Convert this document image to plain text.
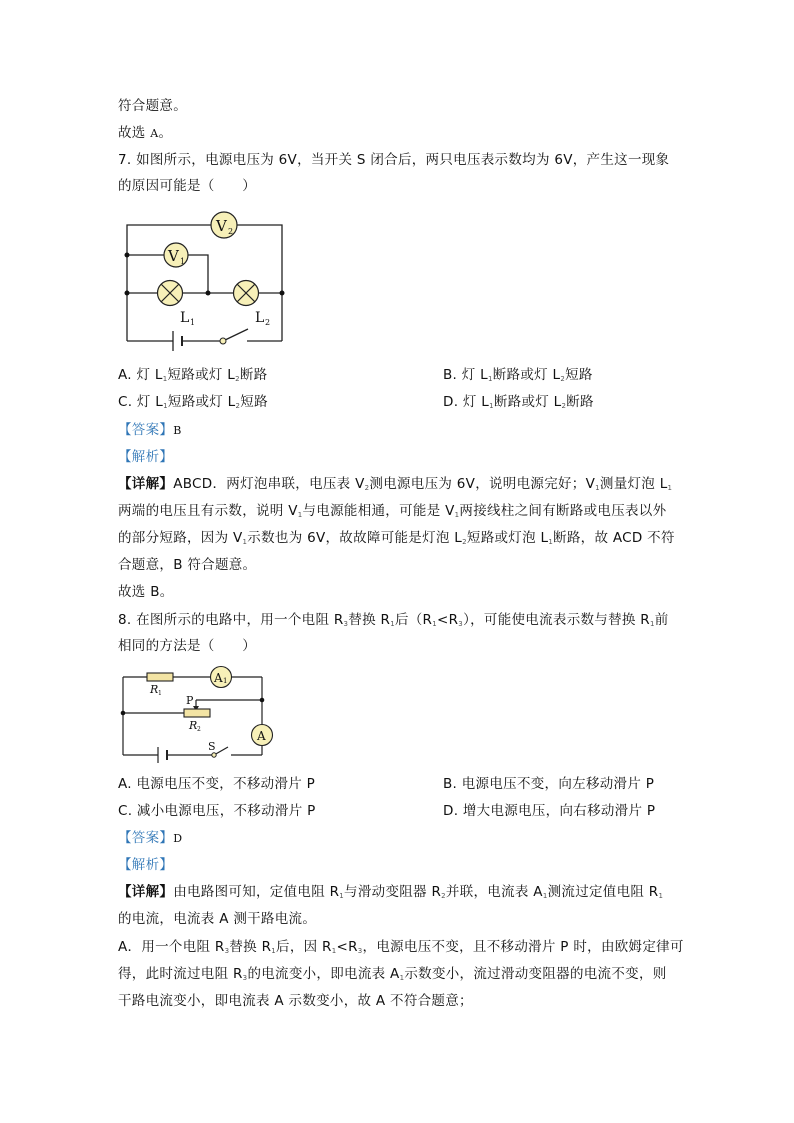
符合题意。
故选 A。
7. 如图所示，电源电压为 6V，当开关 S 闭合后，两只电压表示数均为 6V，产生这一现象
的原因可能是（　　）
V 2
V 1
L 1	L 2
A. 灯 $L_1$短路或灯 $L_2$断路	B. 灯 $L_1$断路或灯 $L_2$短路
C. 灯 $L_1$短路或灯 $L_2$短路	D. 灯 $L_1$断路或灯 $L_2$断路
【答案】B
【解析】
【详解】ABCD．两灯泡串联，电压表 $V_2$测电源电压为 6V，说明电源完好；$V_1$测量灯泡 $L_1$
两端的电压且有示数，说明 $V_1$与电源能相通，可能是 $V_1$两接线柱之间有断路或电压表以外
的部分短路，因为 $V_1$示数也为 6V，故故障可能是灯泡 $L_2$短路或灯泡 $L_1$断路，故 ACD 不符
合题意，B 符合题意。
故选 B。
8. 在图所示的电路中，用一个电阻 $R_3$替换 $R_1$后$(R_1<R_3)$，可能使电流表示数与替换 $R_1$前
相同的方法是（　　）
R 1
R 2
P
A 1
A
S
A. 电源电压不变，不移动滑片 P	B. 电源电压不变，向左移动滑片 P
C. 减小电源电压，不移动滑片 P	D. 增大电源电压，向右移动滑片 P
【答案】D
【解析】
【详解】由电路图可知，定值电阻 $R_1$与滑动变阻器 $R_2$并联，电流表 $A_1$测流过定值电阻 $R_1$
的电流，电流表 A 测干路电流。
A．用一个电阻 $R_3$替换 $R_1$后，因 $R_1<R_3$，电源电压不变，且不移动滑片 P 时，由欧姆定律可
得，此时流过电阻 $R_3$的电流变小，即电流表 $A_1$示数变小，流过滑动变阻器的电流不变，则
干路电流变小，即电流表 A 示数变小，故 A 不符合题意；
